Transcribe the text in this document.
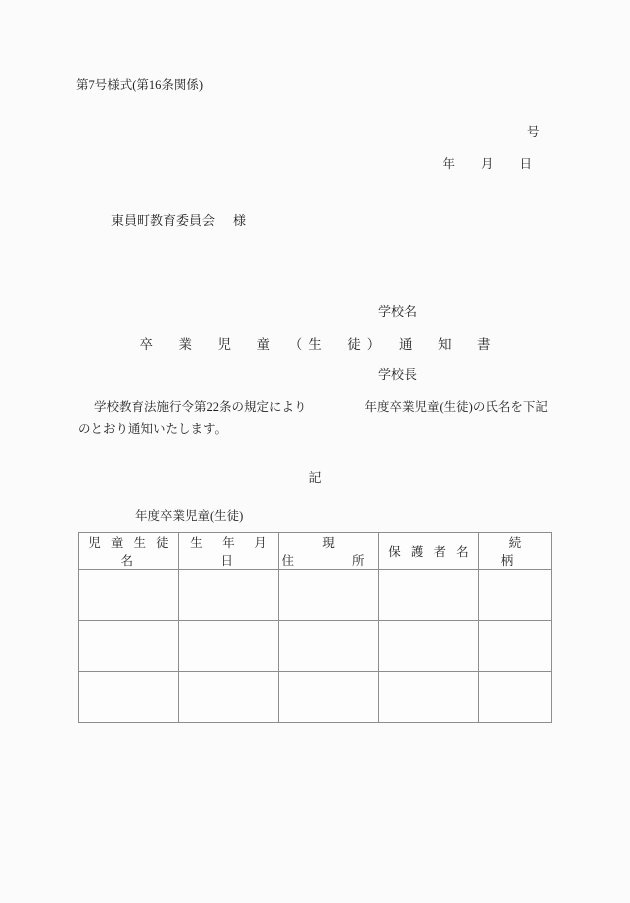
第7号様式(第16条関係)
号

年 月 日

東員町教育委員会 様

学校名

学校長

卒　業　児　童　（生　徒）　通　知　書
学校教育法施行令第22条の規定により	年度卒業児童(生徒)の氏名を下記のとおり通知いたします。
記
年度卒業児童(生徒)
児 童 生 徒 名	生　年　月　日	現　　住　　所	保 護 者 名	続　　柄
